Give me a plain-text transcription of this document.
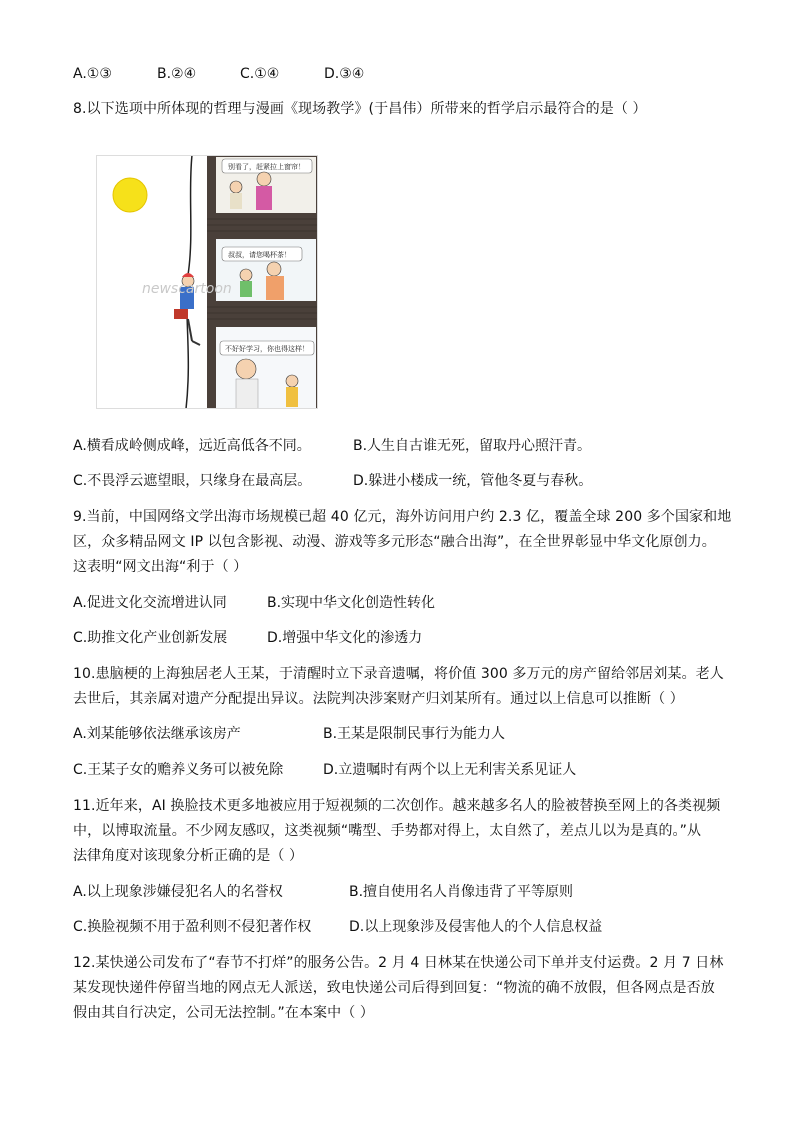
A.①③	B.②④	C.①④	D.③④
8.以下选项中所体现的哲理与漫画《现场教学》(于昌伟）所带来的哲学启示最符合的是（ ）
别看了，赶紧拉上窗帘！
叔叔，请您喝杯茶！
不好好学习，你也得这样！
newscartoon
A.横看成岭侧成峰，远近高低各不同。	B.人生自古谁无死，留取丹心照汗青。
C.不畏浮云遮望眼，只缘身在最高层。	D.躲进小楼成一统，管他冬夏与春秋。
9.当前，中国网络文学出海市场规模已超 40 亿元，海外访问用户约 2.3 亿，覆盖全球 200 多个国家和地
区，众多精品网文 IP 以包含影视、动漫、游戏等多元形态“融合出海”，在全世界彰显中华文化原创力。
这表明“网文出海“利于（ ）
A.促进文化交流增进认同	B.实现中华文化创造性转化
C.助推文化产业创新发展	D.增强中华文化的渗透力
10.患脑梗的上海独居老人王某，于清醒时立下录音遗嘱，将价值 300 多万元的房产留给邻居刘某。老人
去世后，其亲属对遗产分配提出异议。法院判决涉案财产归刘某所有。通过以上信息可以推断（ ）
A.刘某能够依法继承该房产	B.王某是限制民事行为能力人
C.王某子女的赡养义务可以被免除	D.立遗嘱时有两个以上无利害关系见证人
11.近年来，AI 换脸技术更多地被应用于短视频的二次创作。越来越多名人的脸被替换至网上的各类视频
中，以博取流量。不少网友感叹，这类视频“嘴型、手势都对得上，太自然了，差点儿以为是真的。”从
法律角度对该现象分析正确的是（ ）
A.以上现象涉嫌侵犯名人的名誉权	B.擅自使用名人肖像违背了平等原则
C.换脸视频不用于盈利则不侵犯著作权	D.以上现象涉及侵害他人的个人信息权益
12.某快递公司发布了“春节不打烊”的服务公告。2 月 4 日林某在快递公司下单并支付运费。2 月 7 日林
某发现快递件停留当地的网点无人派送，致电快递公司后得到回复：“物流的确不放假，但各网点是否放
假由其自行决定，公司无法控制。”在本案中（ ）
